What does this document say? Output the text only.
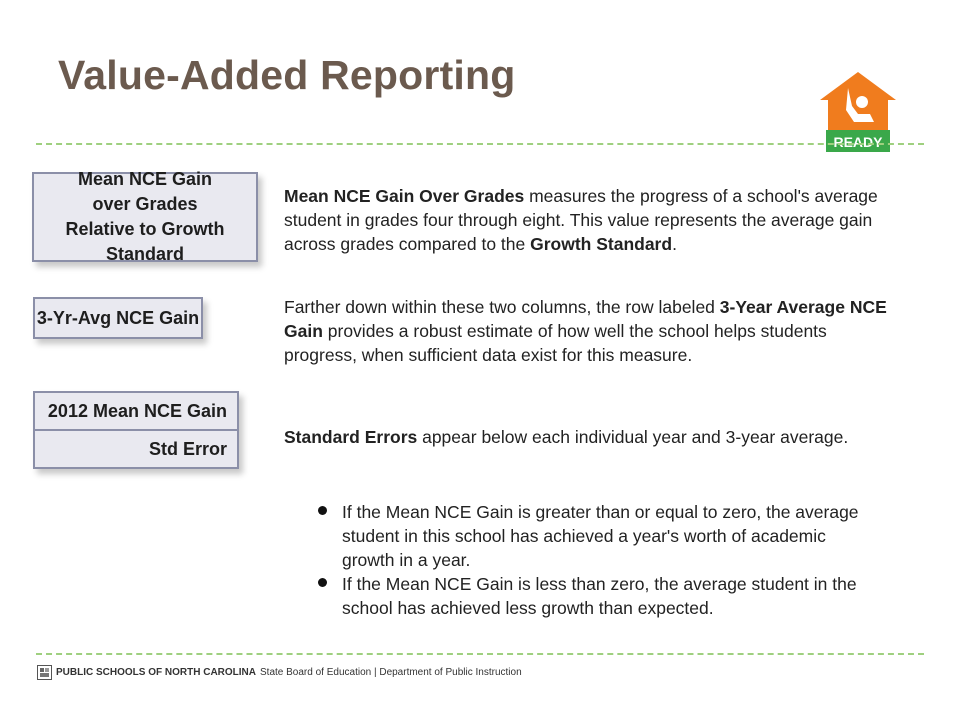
Value-Added Reporting
READY
Mean NCE Gain over Grades Relative to Growth Standard
Mean NCE Gain Over Grades measures the progress of a school's average student in grades four through eight. This value represents the average gain across grades compared to the Growth Standard.
3-Yr-Avg NCE Gain
Farther down within these two columns, the row labeled 3-Year Average NCE Gain provides a robust estimate of how well the school helps students progress, when sufficient data exist for this measure.
2012 Mean NCE Gain
Std Error
Standard Errors appear below each individual year and 3-year average.
If the Mean NCE Gain is greater than or equal to zero, the average student in this school has achieved a year's worth of academic growth in a year.
If the Mean NCE Gain is less than zero, the average student in the school has achieved less growth than expected.
PUBLIC SCHOOLS OF NORTH CAROLINA State Board of Education | Department of Public Instruction
